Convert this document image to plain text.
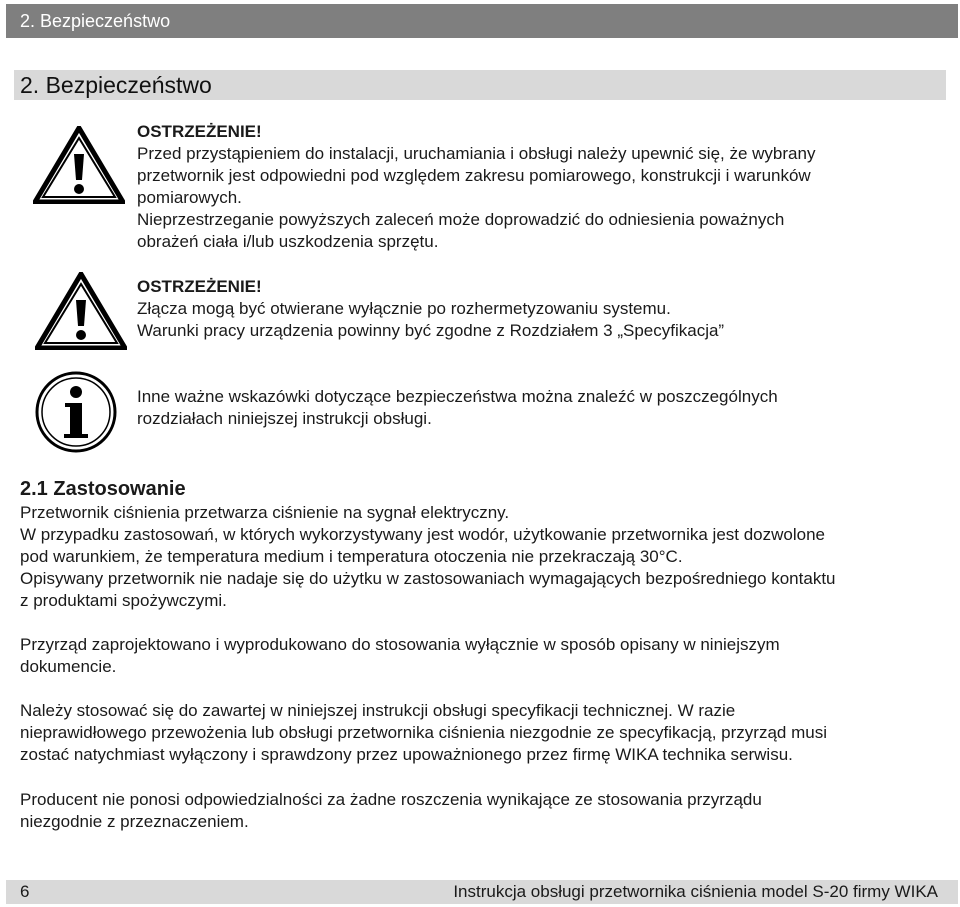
2. Bezpieczeństwo
2. Bezpieczeństwo

OSTRZEŻENIE!

Przed przystąpieniem do instalacji, uruchamiania i obsługi należy upewnić się, że wybrany

przetwornik jest odpowiedni pod względem zakresu pomiarowego, konstrukcji i warunków

pomiarowych.

Nieprzestrzeganie powyższych zaleceń może doprowadzić do odniesienia poważnych

obrażeń ciała i/lub uszkodzenia sprzętu.

OSTRZEŻENIE!

Złącza mogą być otwierane wyłącznie po rozhermetyzowaniu systemu.

Warunki pracy urządzenia powinny być zgodne z Rozdziałem 3 „Specyfikacja”

Inne ważne wskazówki dotyczące bezpieczeństwa można znaleźć w poszczególnych

rozdziałach niniejszej instrukcji obsługi.

2.1 Zastosowanie

Przetwornik ciśnienia przetwarza ciśnienie na sygnał elektryczny.

W przypadku zastosowań, w których wykorzystywany jest wodór, użytkowanie przetwornika jest dozwolone

pod warunkiem, że temperatura medium i temperatura otoczenia nie przekraczają 30°C.

Opisywany przetwornik nie nadaje się do użytku w zastosowaniach wymagających bezpośredniego kontaktu

z produktami spożywczymi.

Przyrząd zaprojektowano i wyprodukowano do stosowania wyłącznie w sposób opisany w niniejszym

dokumencie.

Należy stosować się do zawartej w niniejszej instrukcji obsługi specyfikacji technicznej. W razie

nieprawidłowego przewożenia lub obsługi przetwornika ciśnienia niezgodnie ze specyfikacją, przyrząd musi

zostać natychmiast wyłączony i sprawdzony przez upoważnionego przez firmę WIKA technika serwisu.

Producent nie ponosi odpowiedzialności za żadne roszczenia wynikające ze stosowania przyrządu

niezgodnie z przeznaczeniem.

6	Instrukcja obsługi przetwornika ciśnienia model S-20 firmy WIKA
